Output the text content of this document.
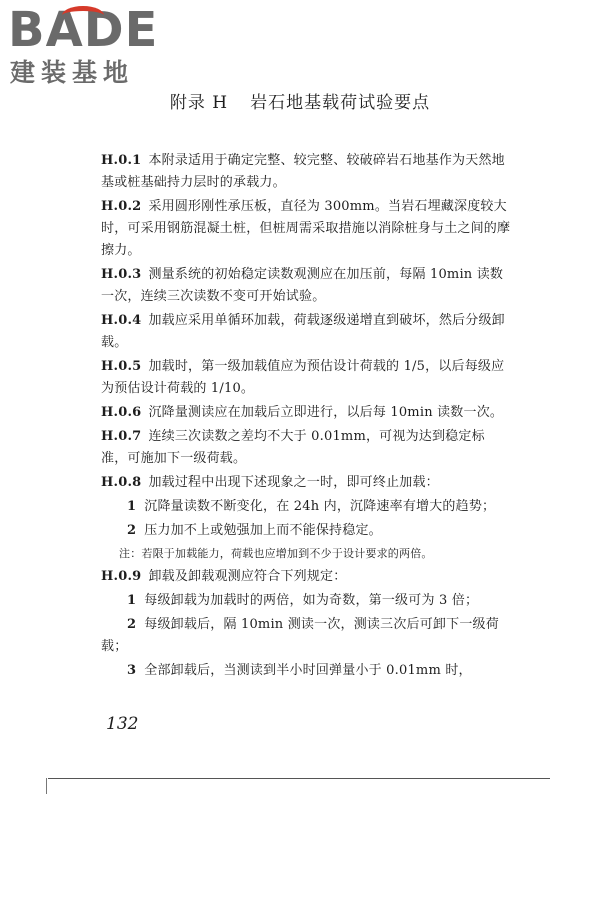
BADE
建装基地
附录 H 岩石地基载荷试验要点

H.0.1 本附录适用于确定完整、较完整、较破碎岩石地基作为天然地基或桩基础持力层时的承载力。

H.0.2 采用圆形刚性承压板，直径为 300mm。当岩石埋藏深度较大时，可采用钢筋混凝土桩，但桩周需采取措施以消除桩身与土之间的摩擦力。

H.0.3 测量系统的初始稳定读数观测应在加压前，每隔 10min 读数一次，连续三次读数不变可开始试验。

H.0.4 加载应采用单循环加载，荷载逐级递增直到破坏，然后分级卸载。

H.0.5 加载时，第一级加载值应为预估设计荷载的 1/5，以后每级应为预估设计荷载的 1/10。

H.0.6 沉降量测读应在加载后立即进行，以后每 10min 读数一次。

H.0.7 连续三次读数之差均不大于 0.01mm，可视为达到稳定标准，可施加下一级荷载。

H.0.8 加载过程中出现下述现象之一时，即可终止加载：

1 沉降量读数不断变化，在 24h 内，沉降速率有增大的趋势；

2 压力加不上或勉强加上而不能保持稳定。

注：若限于加载能力，荷载也应增加到不少于设计要求的两倍。

H.0.9 卸载及卸载观测应符合下列规定：

1 每级卸载为加载时的两倍，如为奇数，第一级可为 3 倍；

2 每级卸载后，隔 10min 测读一次，测读三次后可卸下一级荷载；

3 全部卸载后，当测读到半小时回弹量小于 0.01mm 时，

132
